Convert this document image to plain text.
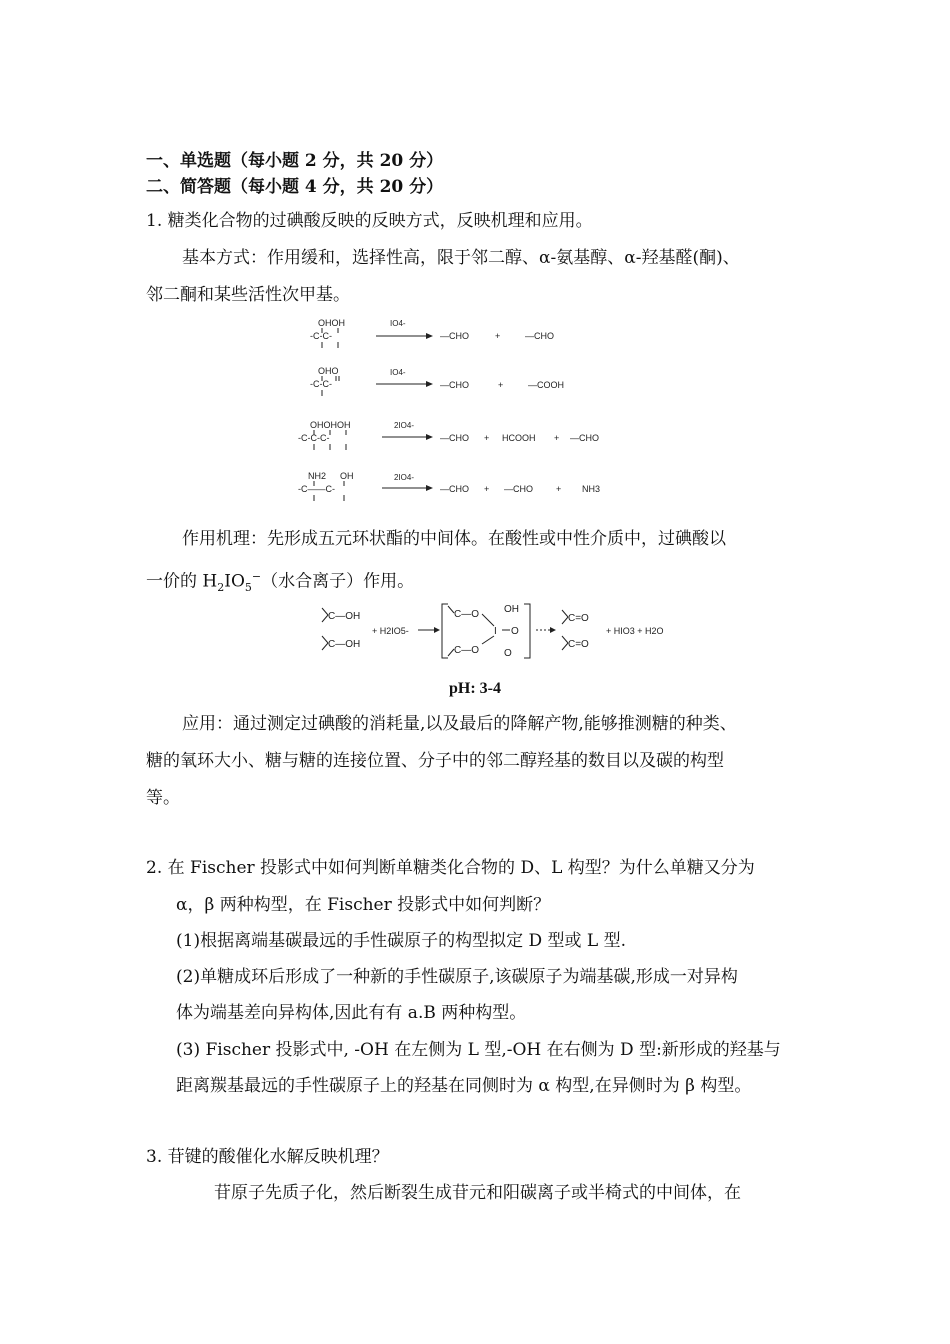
一、单选题（每小题 2 分，共 20 分）
二、简答题（每小题 4 分，共 20 分）
1. 糖类化合物的过碘酸反映的反映方式，反映机理和应用。
基本方式：作用缓和，选择性高，限于邻二醇、α-氨基醇、α-羟基醛(酮)、
邻二酮和某些活性次甲基。
OHOH
-C-C-
IO4-
—CHO	+	—CHO
OHO
-C-C-
IO4-
—CHO	+	—COOH
OHOHOH
-C-C-C-
2IO4-
—CHO + HCOOH + —CHO
NH2 OH
-C——C-
2IO4-
—CHO + —CHO	+ NH3
作用机理：先形成五元环状酯的中间体。在酸性或中性介质中，过碘酸以
一价的 $H_2IO_5^-$（水合离子）作用。
C—OH
C—OH
+ H2IO5-
C—O	OH
I O
C—O	O
C=O
C=O
+ HIO3 + H2O
pH: 3-4
应用：通过测定过碘酸的消耗量,以及最后的降解产物,能够推测糖的种类、
糖的氧环大小、糖与糖的连接位置、分子中的邻二醇羟基的数目以及碳的构型
等。
2. 在 Fischer 投影式中如何判断单糖类化合物的 D、L 构型？为什么单糖又分为
α，β 两种构型，在 Fischer 投影式中如何判断？
(1)根据离端基碳最远的手性碳原子的构型拟定 D 型或 L 型.
(2)单糖成环后形成了一种新的手性碳原子,该碳原子为端基碳,形成一对异构
体为端基差向异构体,因此有有 a.B 两种构型。
(3) Fischer 投影式中, -OH 在左侧为 L 型,-OH 在右侧为 D 型:新形成的羟基与
距离羰基最远的手性碳原子上的羟基在同侧时为 α 构型,在异侧时为 β 构型。
3. 苷键的酸催化水解反映机理？
苷原子先质子化，然后断裂生成苷元和阳碳离子或半椅式的中间体，在
